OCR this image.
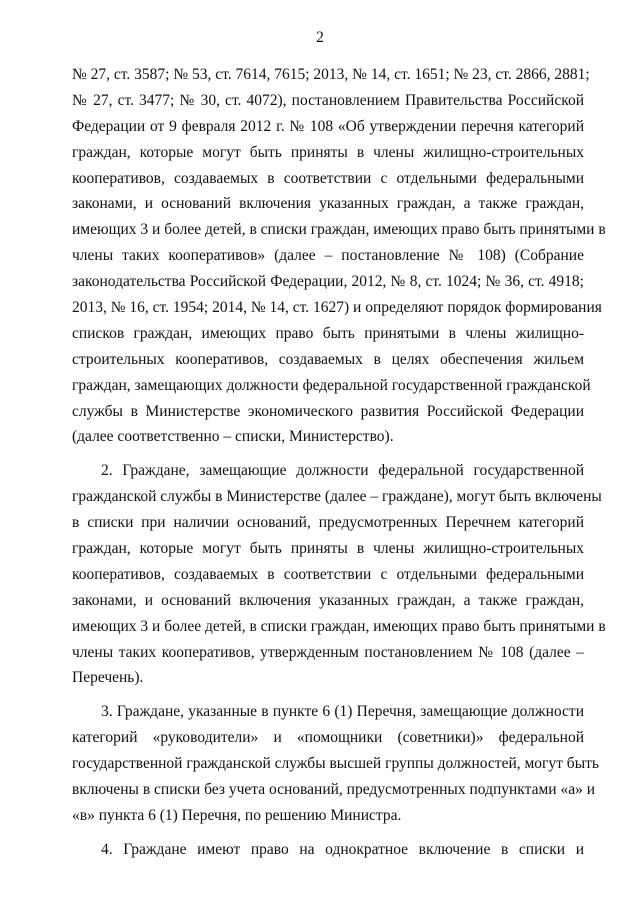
2
№ 27, ст. 3587; № 53, ст. 7614, 7615; 2013, № 14, ст. 1651; № 23, ст. 2866, 2881;
№ 27, ст. 3477; № 30, ст. 4072), постановлением Правительства Российской
Федерации от 9 февраля 2012 г. № 108 «Об утверждении перечня категорий
граждан, которые могут быть приняты в члены жилищно-строительных
кооперативов, создаваемых в соответствии с отдельными федеральными
законами, и оснований включения указанных граждан, а также граждан,
имеющих 3 и более детей, в списки граждан, имеющих право быть принятыми в
члены таких кооперативов» (далее – постановление № 108) (Собрание
законодательства Российской Федерации, 2012, № 8, ст. 1024; № 36, ст. 4918;
2013, № 16, ст. 1954; 2014, № 14, ст. 1627) и определяют порядок формирования
списков граждан, имеющих право быть принятыми в члены жилищно-
строительных кооперативов, создаваемых в целях обеспечения жильем
граждан, замещающих должности федеральной государственной гражданской
службы в Министерстве экономического развития Российской Федерации
(далее соответственно – списки, Министерство).
2. Граждане, замещающие должности федеральной государственной
гражданской службы в Министерстве (далее – граждане), могут быть включены
в списки при наличии оснований, предусмотренных Перечнем категорий
граждан, которые могут быть приняты в члены жилищно-строительных
кооперативов, создаваемых в соответствии с отдельными федеральными
законами, и оснований включения указанных граждан, а также граждан,
имеющих 3 и более детей, в списки граждан, имеющих право быть принятыми в
члены таких кооперативов, утвержденным постановлением № 108 (далее –
Перечень).
3. Граждане, указанные в пункте 6 (1) Перечня, замещающие должности
категорий «руководители» и «помощники (советники)» федеральной
государственной гражданской службы высшей группы должностей, могут быть
включены в списки без учета оснований, предусмотренных подпунктами «а» и
«в» пункта 6 (1) Перечня, по решению Министра.
4. Граждане имеют право на однократное включение в списки и
